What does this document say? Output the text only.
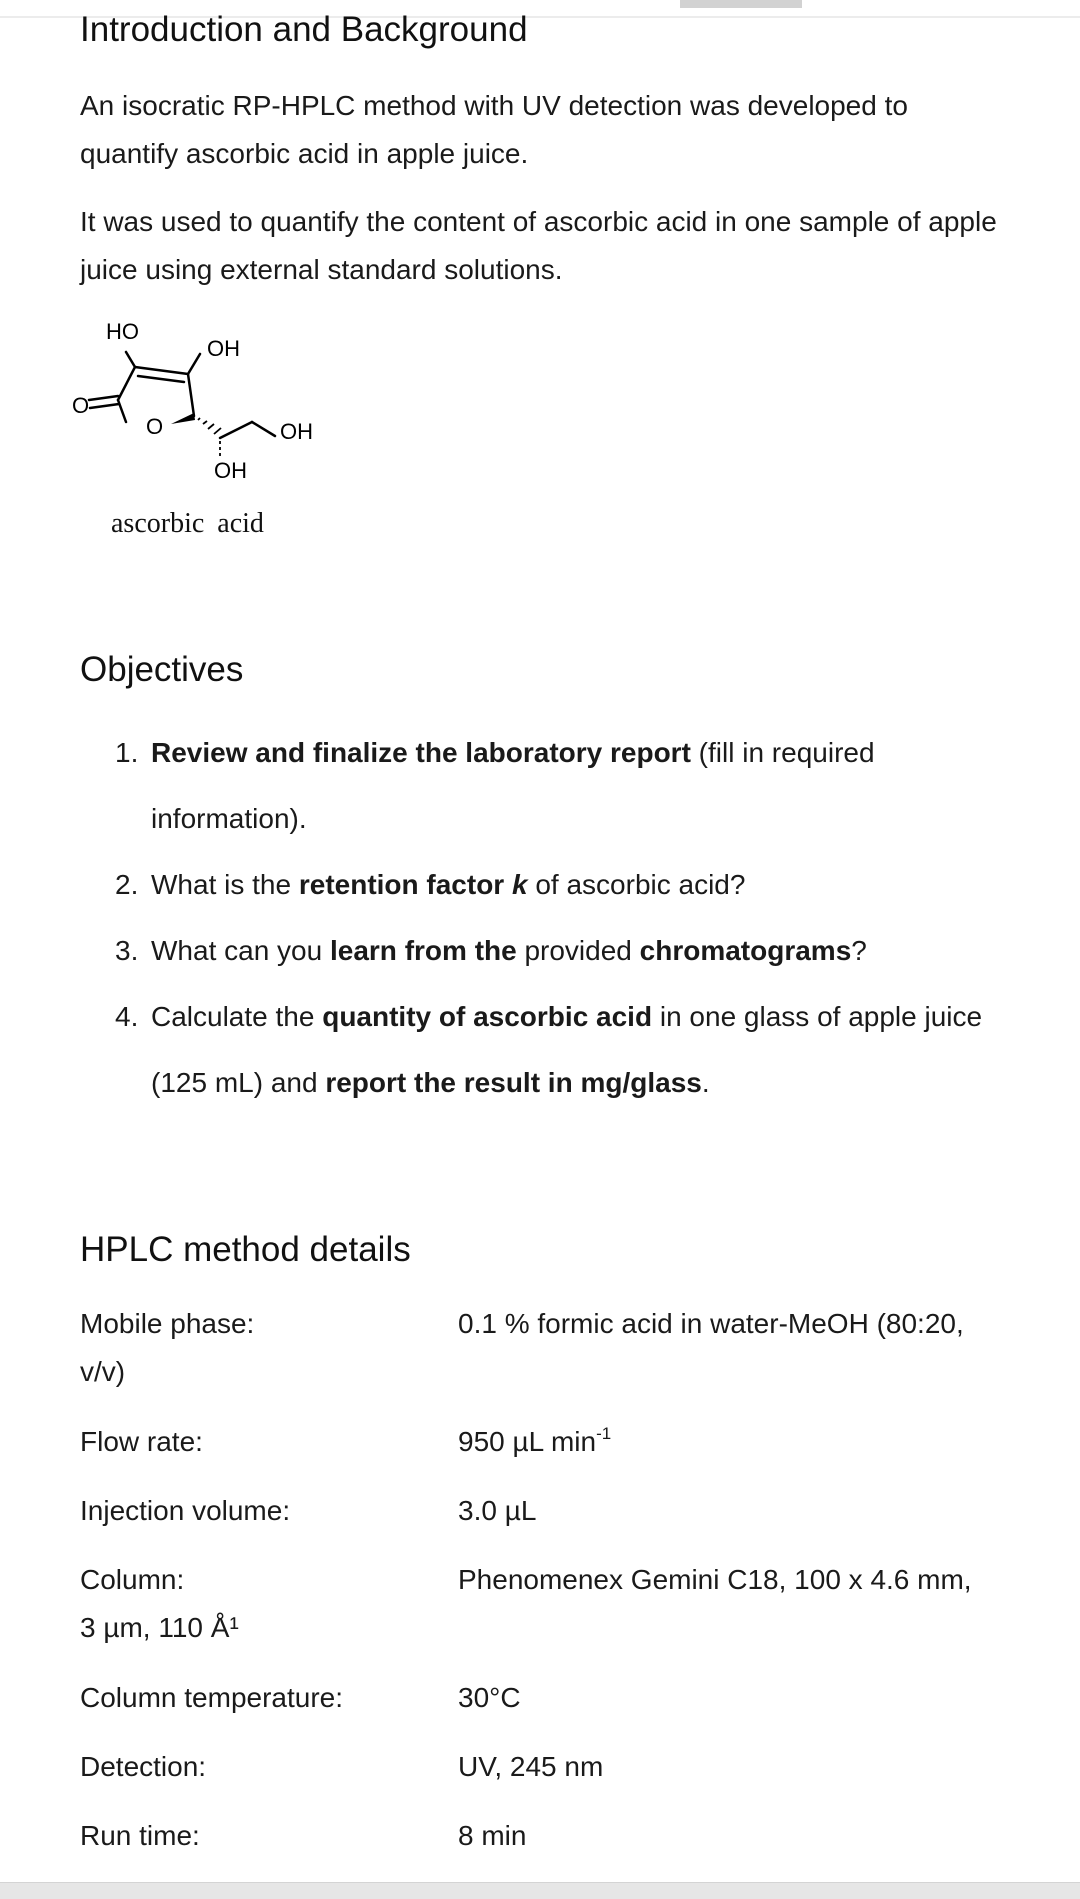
Introduction and Background
An isocratic RP-HPLC method with UV detection was developed to quantify ascorbic acid in apple juice.
It was used to quantify the content of ascorbic acid in one sample of apple juice using external standard solutions.
HO
OH
O
O	OH
OH
ascorbic acid
Objectives
1. Review and finalize the laboratory report (fill in required information).
2. What is the retention factor k of ascorbic acid?
3. What can you learn from the provided chromatograms?
4. Calculate the quantity of ascorbic acid in one glass of apple juice (125 mL) and report the result in mg/glass.
HPLC method details
Mobile phase:	0.1 % formic acid in water-MeOH (80:20,
v/v)
Flow rate:	950 µL $\min^{-1}$
Injection volume:	3.0 µL
Column:	Phenomenex Gemini C18, 100 x 4.6 mm,
3 µm, 110 Å¹
Column temperature:	30°C
Detection:	UV, 245 nm
Run time:	8 min
